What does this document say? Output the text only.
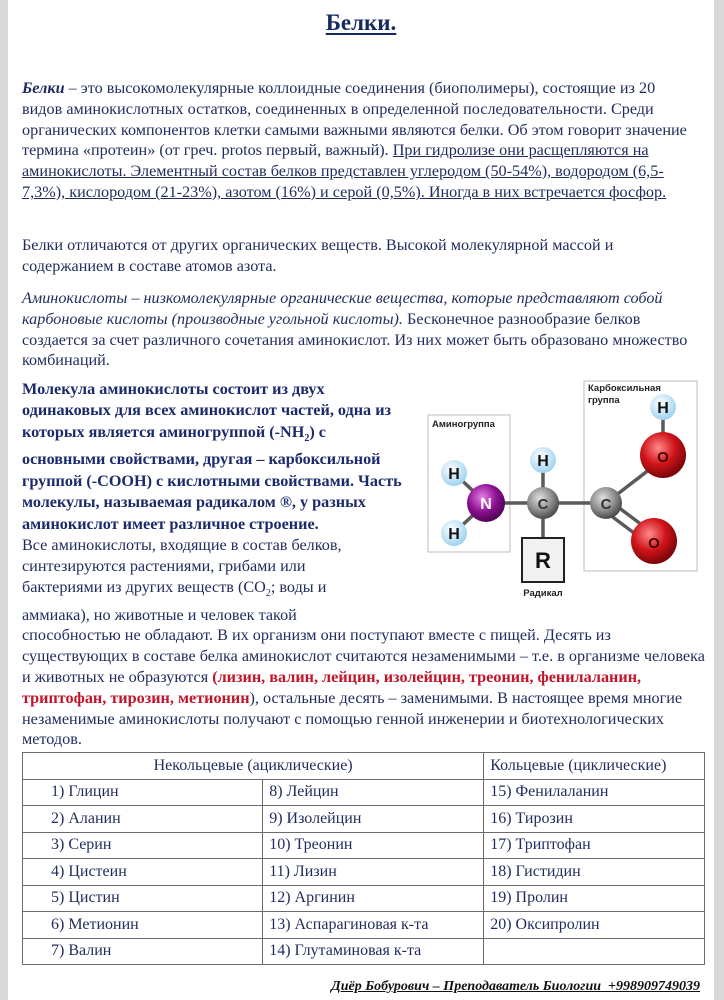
Белки.

Белки – это высокомолекулярные коллоидные соединения (биополимеры), состоящие из 20 видов аминокислотных остатков, соединенных в определенной последовательности. Среди органических компонентов клетки самыми важными являются белки. Об этом говорит значение термина «протеин» (от греч. protos первый, важный). При гидролизе они расщепляются на аминокислоты. Элементный состав белков представлен углеродом (50-54%), водородом (6,5-7,3%), кислородом (21-23%), азотом (16%) и серой (0,5%). Иногда в них встречается фосфор.

Белки отличаются от других органических веществ. Высокой молекулярной массой и содержанием в составе атомов азота.

Аминокислоты – низкомолекулярные органические вещества, которые представляют собой карбоновые кислоты (производные угольной кислоты). Бесконечное разнообразие белков создается за счет различного сочетания аминокислот. Из них может быть образовано множество комбинаций.

Молекула аминокислоты состоит из двух одинаковых для всех аминокислот частей, одна из которых является аминогруппой $(-NH_2)$ с основными свойствами, другая – карбоксильной группой (-COOH) с кислотными свойствами. Часть молекулы, называемая радикалом ®, у разных аминокислот имеет различное строение.

Аминогруппа
Карбоксильная
группа
H
H
N
H
C	C
H
O
O
R
Радикал

Все аминокислоты, входящие в состав белков, синтезируются растениями, грибами или бактериями из других веществ ($CO_2$; воды и аммиака), но животные и человек такой
способностью не обладают. В их организм они поступают вместе с пищей. Десять из существующих в составе белка аминокислот считаются незаменимыми – т.е. в организме человека и животных не образуются (лизин, валин, лейцин, изолейцин, треонин, фенилаланин, триптофан, тирозин, метионин), остальные десять – заменимыми. В настоящее время многие незаменимые аминокислоты получают с помощью генной инженерии и биотехнологических методов.

Некольцевые (ациклические)		Кольцевые (циклические)
1) Глицин	8) Лейцин	15) Фенилаланин
2) Аланин	9) Изолейцин	16) Тирозин
3) Серин	10) Треонин	17) Триптофан
4) Цистеин	11) Лизин	18) Гистидин
5) Цистин	12) Аргинин	19) Пролин
6) Метионин	13) Аспарагиновая к-та	20) Оксипролин
7) Валин	14) Глутаминовая к-та	
Диёр Бобурович – Преподаватель Биологии  +998909749039
